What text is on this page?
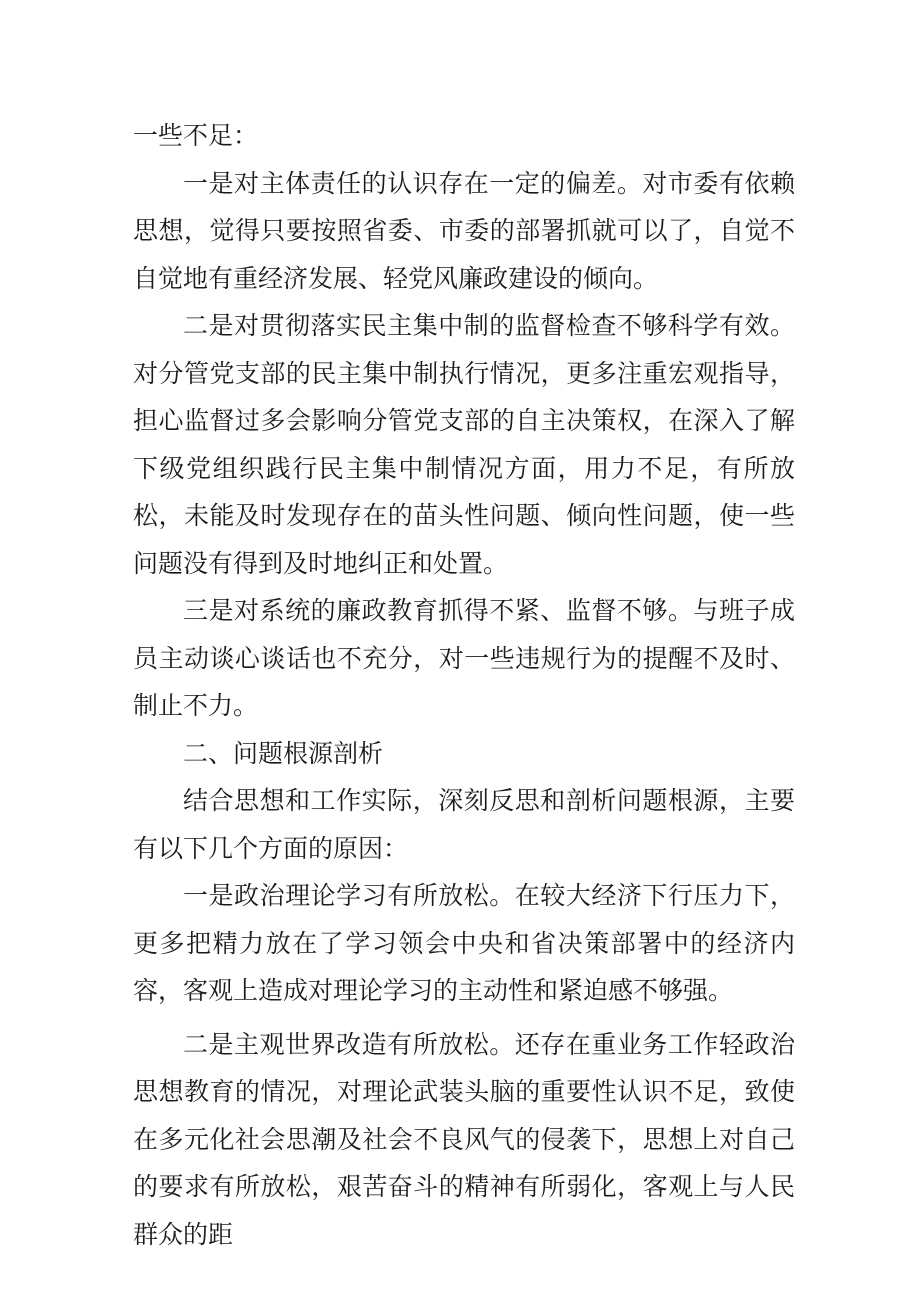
一些不足：

一是对主体责任的认识存在一定的偏差。对市委有依赖思想，觉得只要按照省委、市委的部署抓就可以了，自觉不自觉地有重经济发展、轻党风廉政建设的倾向。

二是对贯彻落实民主集中制的监督检查不够科学有效。对分管党支部的民主集中制执行情况，更多注重宏观指导，担心监督过多会影响分管党支部的自主决策权，在深入了解下级党组织践行民主集中制情况方面，用力不足，有所放松，未能及时发现存在的苗头性问题、倾向性问题，使一些问题没有得到及时地纠正和处置。

三是对系统的廉政教育抓得不紧、监督不够。与班子成员主动谈心谈话也不充分，对一些违规行为的提醒不及时、制止不力。

二、问题根源剖析

结合思想和工作实际，深刻反思和剖析问题根源，主要有以下几个方面的原因：

一是政治理论学习有所放松。在较大经济下行压力下，更多把精力放在了学习领会中央和省决策部署中的经济内容，客观上造成对理论学习的主动性和紧迫感不够强。

二是主观世界改造有所放松。还存在重业务工作轻政治思想教育的情况，对理论武装头脑的重要性认识不足，致使在多元化社会思潮及社会不良风气的侵袭下，思想上对自己的要求有所放松，艰苦奋斗的精神有所弱化，客观上与人民群众的距
